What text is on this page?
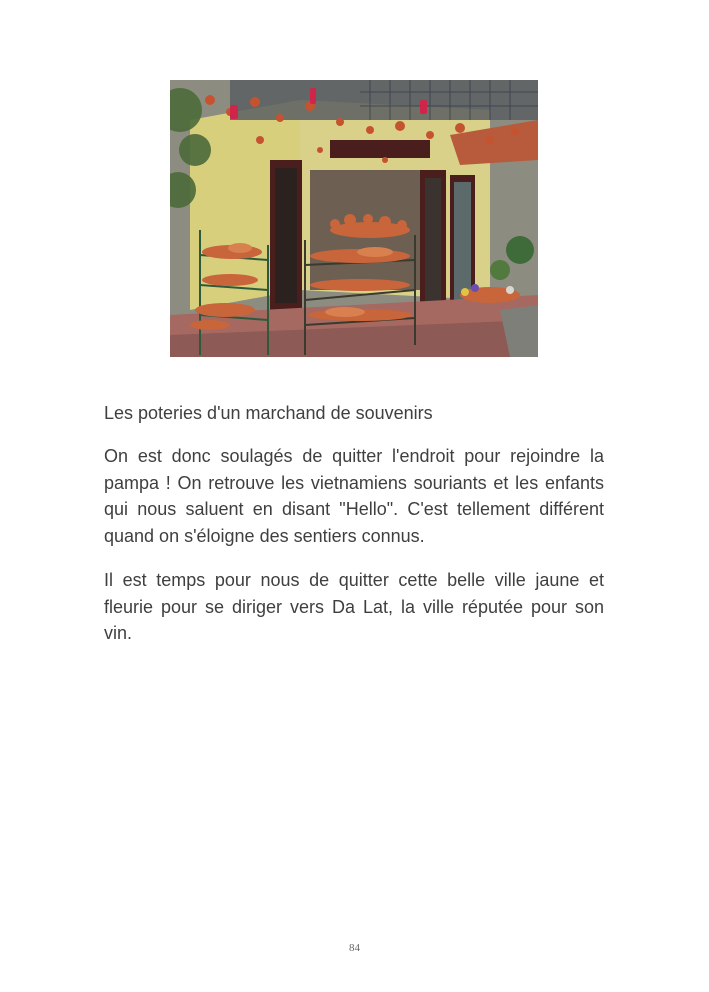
Les poteries d'un marchand de souvenirs

On est donc soulagés de quitter l'endroit pour rejoindre la pampa ! On retrouve les vietnamiens souriants et les enfants qui nous saluent en disant "Hello". C'est tellement différent quand on s'éloigne des sentiers connus.

Il est temps pour nous de quitter cette belle ville jaune et fleurie pour se diriger vers Da Lat, la ville réputée pour son vin.

84
